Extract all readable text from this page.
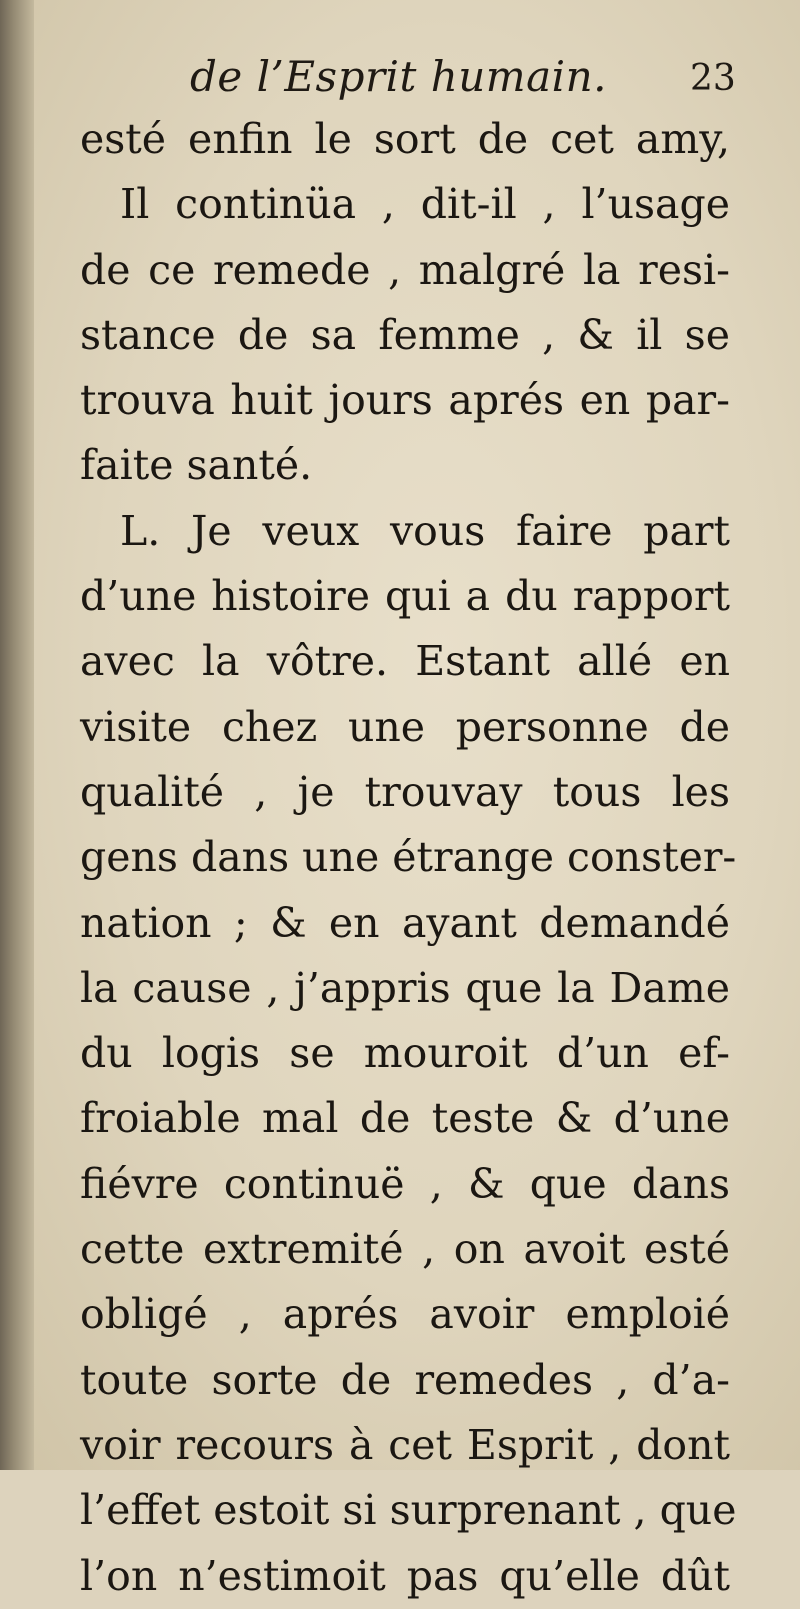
de l’Esprit humain. 23
esté enfin le sort de cet amy,
Il continüa , dit-il , l’usage
de ce remede , malgré la resi-
stance de sa femme , & il se
trouva huit jours aprés en par-
faite santé.
L. Je veux vous faire part
d’une histoire qui a du rapport
avec la vôtre. Estant allé en
visite chez une personne de
qualité , je trouvay tous les
gens dans une étrange conster-
nation ; & en ayant demandé
la cause , j’appris que la Dame
du logis se mouroit d’un ef-
froiable mal de teste & d’une
fiévre continuë , & que dans
cette extremité , on avoit esté
obligé , aprés avoir emploié
toute sorte de remedes , d’a-
voir recours à cet Esprit , dont
l’effet estoit si surprenant , que
l’on n’estimoit pas qu’elle dût
